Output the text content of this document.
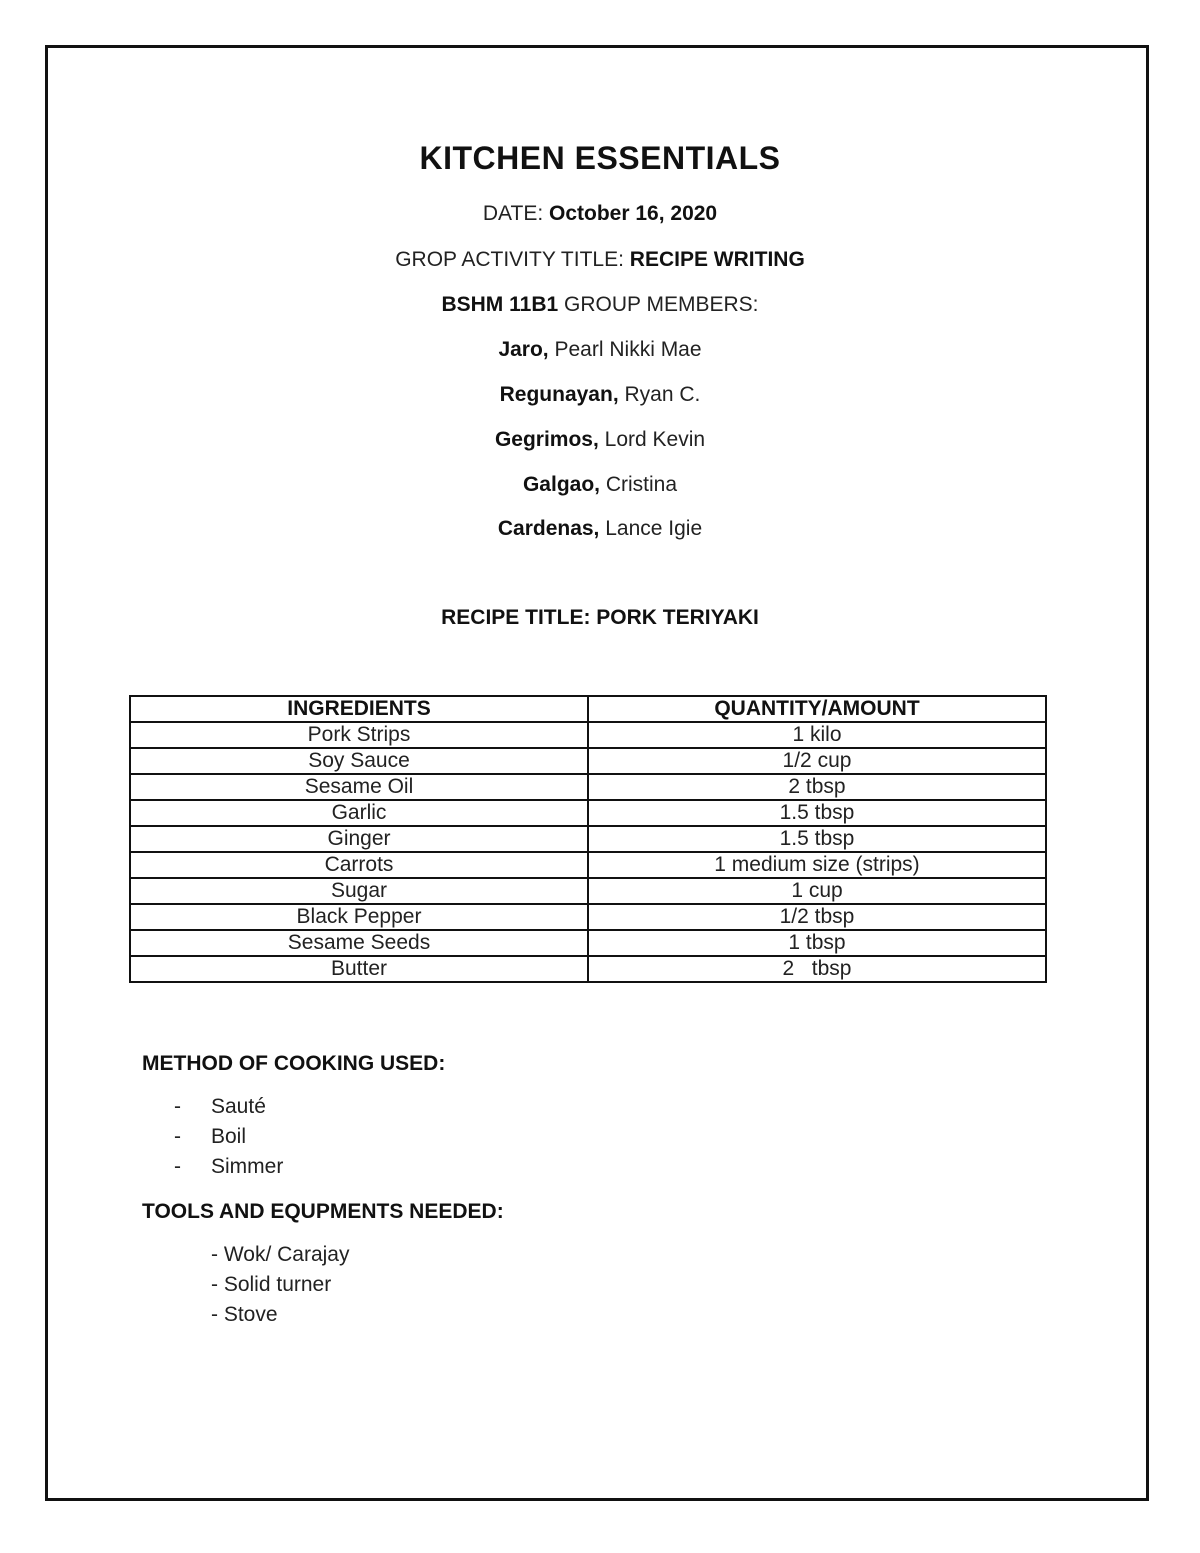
KITCHEN ESSENTIALS
DATE: October 16, 2020
GROP ACTIVITY TITLE: RECIPE WRITING
BSHM 11B1 GROUP MEMBERS:
Jaro, Pearl Nikki Mae
Regunayan, Ryan C.
Gegrimos, Lord Kevin
Galgao, Cristina
Cardenas, Lance Igie
RECIPE TITLE: PORK TERIYAKI
INGREDIENTS	QUANTITY/AMOUNT
Pork Strips	1 kilo
Soy Sauce	1/2 cup
Sesame Oil	2 tbsp
Garlic	1.5 tbsp
Ginger	1.5 tbsp
Carrots	1 medium size (strips)
Sugar	1 cup
Black Pepper	1/2 tbsp
Sesame Seeds	1 tbsp
Butter	2   tbsp
METHOD OF COOKING USED:
- Sauté
- Boil
- Simmer
TOOLS AND EQUPMENTS NEEDED:
- Wok/ Carajay
- Solid turner
- Stove
